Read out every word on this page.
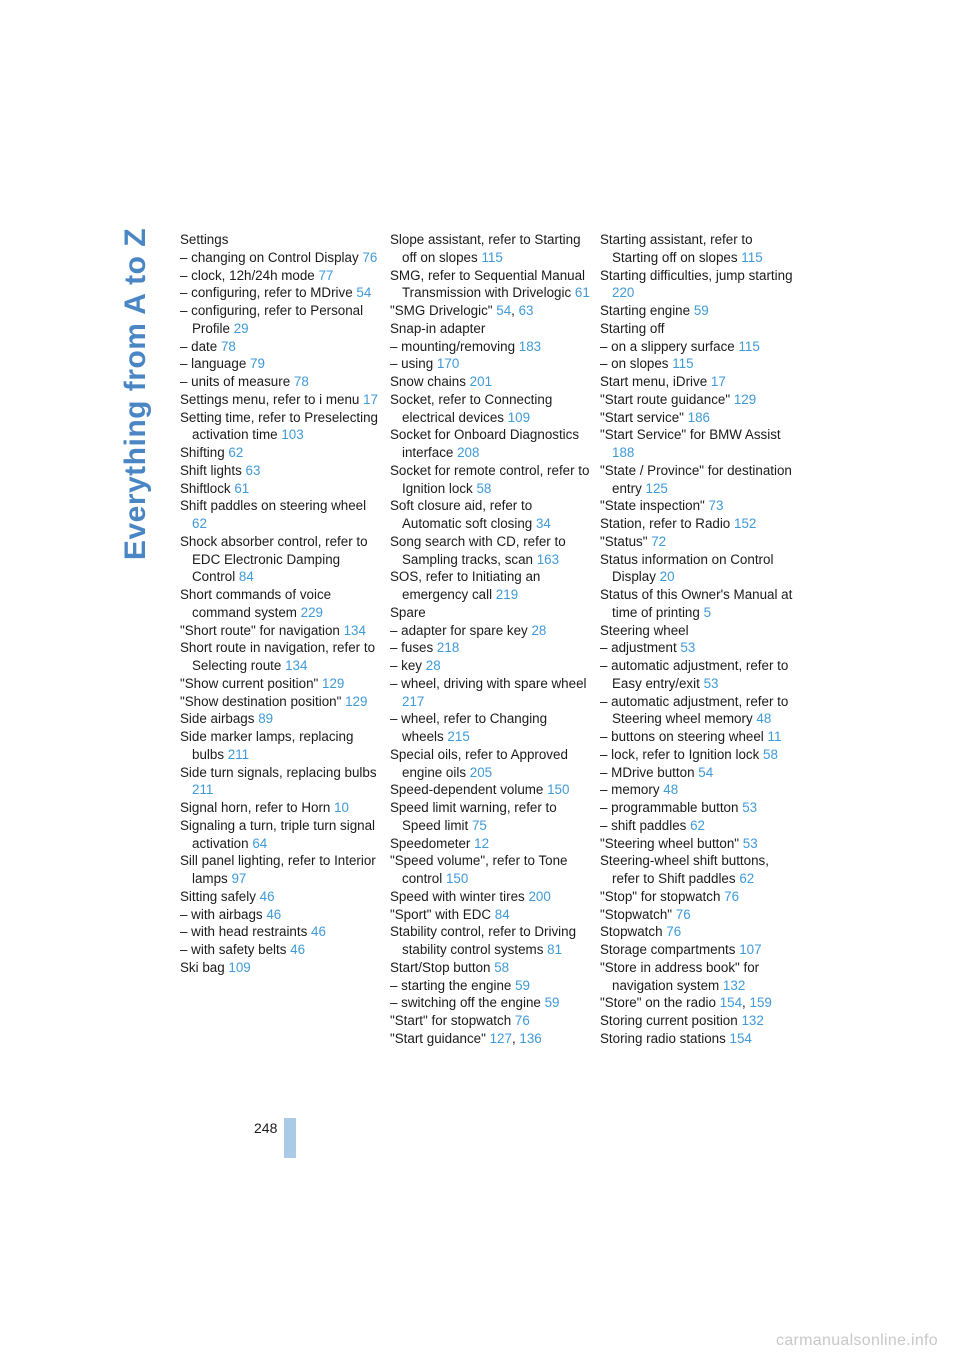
Everything from A to Z Settings
– changing on Control Display 76
– clock, 12h/24h mode 77
– configuring, refer to MDrive 54
– configuring, refer to Personal Profile 29
– date 78
– language 79
– units of measure 78
Settings menu, refer to i menu 17
Setting time, refer to Preselecting activation time 103
Shifting 62
Shift lights 63
Shiftlock 61
Shift paddles on steering wheel 62
Shock absorber control, refer to EDC Electronic Damping Control 84
Short commands of voice command system 229
"Short route" for navigation 134
Short route in navigation, refer to Selecting route 134
"Show current position" 129
"Show destination position" 129
Side airbags 89
Side marker lamps, replacing bulbs 211
Side turn signals, replacing bulbs 211
Signal horn, refer to Horn 10
Signaling a turn, triple turn signal activation 64
Sill panel lighting, refer to Interior lamps 97
Sitting safely 46
– with airbags 46
– with head restraints 46
– with safety belts 46
Ski bag 109
Slope assistant, refer to Starting off on slopes 115
SMG, refer to Sequential Manual Transmission with Drivelogic 61
"SMG Drivelogic" 54, 63
Snap-in adapter
– mounting/removing 183
– using 170
Snow chains 201
Socket, refer to Connecting electrical devices 109
Socket for Onboard Diagnostics interface 208
Socket for remote control, refer to Ignition lock 58
Soft closure aid, refer to Automatic soft closing 34
Song search with CD, refer to Sampling tracks, scan 163
SOS, refer to Initiating an emergency call 219
Spare
– adapter for spare key 28
– fuses 218
– key 28
– wheel, driving with spare wheel 217
– wheel, refer to Changing wheels 215
Special oils, refer to Approved engine oils 205
Speed-dependent volume 150
Speed limit warning, refer to Speed limit 75
Speedometer 12
"Speed volume", refer to Tone control 150
Speed with winter tires 200
"Sport" with EDC 84
Stability control, refer to Driving stability control systems 81
Start/Stop button 58
– starting the engine 59
– switching off the engine 59
"Start" for stopwatch 76
"Start guidance" 127, 136
Starting assistant, refer to Starting off on slopes 115
Starting difficulties, jump starting 220
Starting engine 59
Starting off
– on a slippery surface 115
– on slopes 115
Start menu, iDrive 17
"Start route guidance" 129
"Start service" 186
"Start Service" for BMW Assist 188
"State / Province" for destination entry 125
"State inspection" 73
Station, refer to Radio 152
"Status" 72
Status information on Control Display 20
Status of this Owner's Manual at time of printing 5
Steering wheel
– adjustment 53
– automatic adjustment, refer to Easy entry/exit 53
– automatic adjustment, refer to Steering wheel memory 48
– buttons on steering wheel 11
– lock, refer to Ignition lock 58
– MDrive button 54
– memory 48
– programmable button 53
– shift paddles 62
"Steering wheel button" 53
Steering-wheel shift buttons, refer to Shift paddles 62
"Stop" for stopwatch 76
"Stopwatch" 76
Stopwatch 76
Storage compartments 107
"Store in address book" for navigation system 132
"Store" on the radio 154, 159
Storing current position 132
Storing radio stations 154
248
carmanualsonline.info
